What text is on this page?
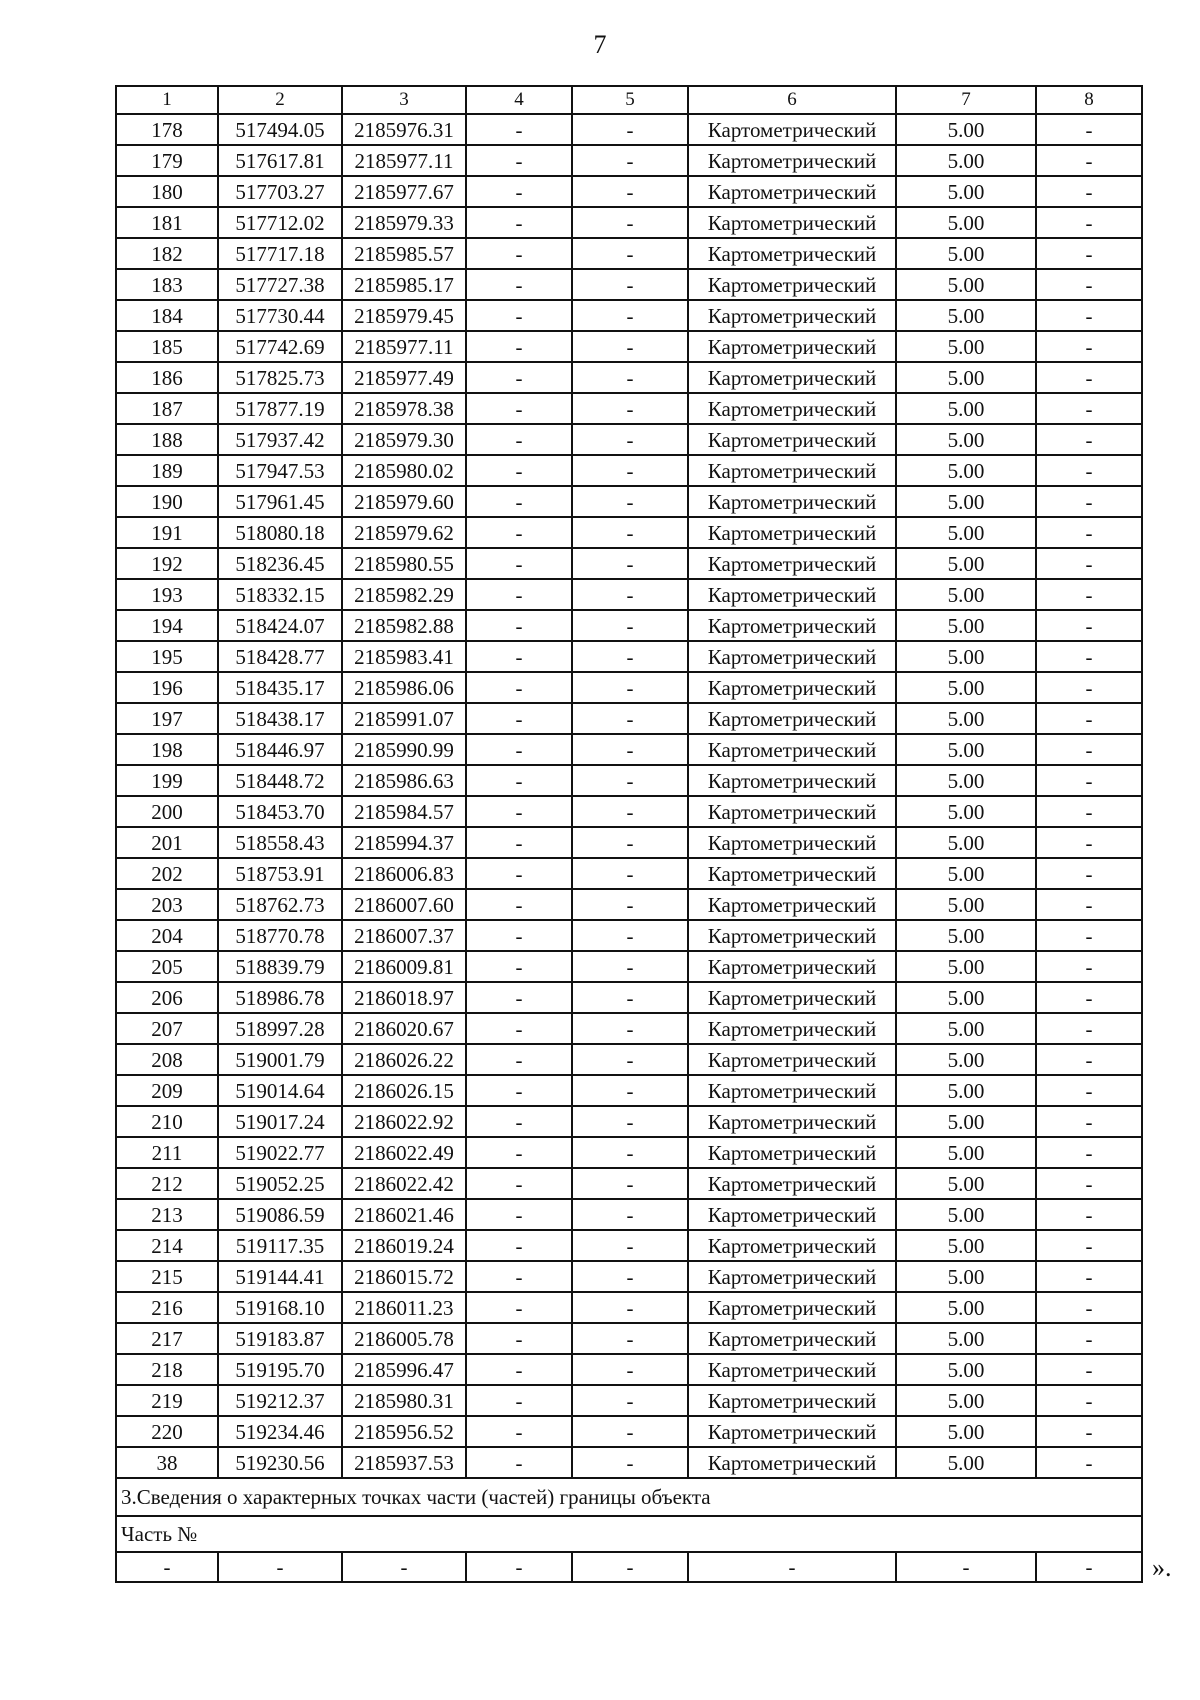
7
1	2	3	4	5	6	7	8	
178	517494.05	2185976.31	-	-	Картометрический	5.00	-	
179	517617.81	2185977.11	-	-	Картометрический	5.00	-	
180	517703.27	2185977.67	-	-	Картометрический	5.00	-	
181	517712.02	2185979.33	-	-	Картометрический	5.00	-	
182	517717.18	2185985.57	-	-	Картометрический	5.00	-	
183	517727.38	2185985.17	-	-	Картометрический	5.00	-	
184	517730.44	2185979.45	-	-	Картометрический	5.00	-	
185	517742.69	2185977.11	-	-	Картометрический	5.00	-	
186	517825.73	2185977.49	-	-	Картометрический	5.00	-	
187	517877.19	2185978.38	-	-	Картометрический	5.00	-	
188	517937.42	2185979.30	-	-	Картометрический	5.00	-	
189	517947.53	2185980.02	-	-	Картометрический	5.00	-	
190	517961.45	2185979.60	-	-	Картометрический	5.00	-	
191	518080.18	2185979.62	-	-	Картометрический	5.00	-	
192	518236.45	2185980.55	-	-	Картометрический	5.00	-	
193	518332.15	2185982.29	-	-	Картометрический	5.00	-	
194	518424.07	2185982.88	-	-	Картометрический	5.00	-	
195	518428.77	2185983.41	-	-	Картометрический	5.00	-	
196	518435.17	2185986.06	-	-	Картометрический	5.00	-	
197	518438.17	2185991.07	-	-	Картометрический	5.00	-	
198	518446.97	2185990.99	-	-	Картометрический	5.00	-	
199	518448.72	2185986.63	-	-	Картометрический	5.00	-	
200	518453.70	2185984.57	-	-	Картометрический	5.00	-	
201	518558.43	2185994.37	-	-	Картометрический	5.00	-	
202	518753.91	2186006.83	-	-	Картометрический	5.00	-	
203	518762.73	2186007.60	-	-	Картометрический	5.00	-	
204	518770.78	2186007.37	-	-	Картометрический	5.00	-	
205	518839.79	2186009.81	-	-	Картометрический	5.00	-	
206	518986.78	2186018.97	-	-	Картометрический	5.00	-	
207	518997.28	2186020.67	-	-	Картометрический	5.00	-	
208	519001.79	2186026.22	-	-	Картометрический	5.00	-	
209	519014.64	2186026.15	-	-	Картометрический	5.00	-	
210	519017.24	2186022.92	-	-	Картометрический	5.00	-	
211	519022.77	2186022.49	-	-	Картометрический	5.00	-	
212	519052.25	2186022.42	-	-	Картометрический	5.00	-	
213	519086.59	2186021.46	-	-	Картометрический	5.00	-	
214	519117.35	2186019.24	-	-	Картометрический	5.00	-	
215	519144.41	2186015.72	-	-	Картометрический	5.00	-	
216	519168.10	2186011.23	-	-	Картометрический	5.00	-	
217	519183.87	2186005.78	-	-	Картометрический	5.00	-	
218	519195.70	2185996.47	-	-	Картометрический	5.00	-	
219	519212.37	2185980.31	-	-	Картометрический	5.00	-	
220	519234.46	2185956.52	-	-	Картометрический	5.00	-	
38	519230.56	2185937.53	-	-	Картометрический	5.00	-	
3.Сведения о характерных точках части (частей) границы объекта								
Часть №								
-	-	-	-	-	-	-	-	».
